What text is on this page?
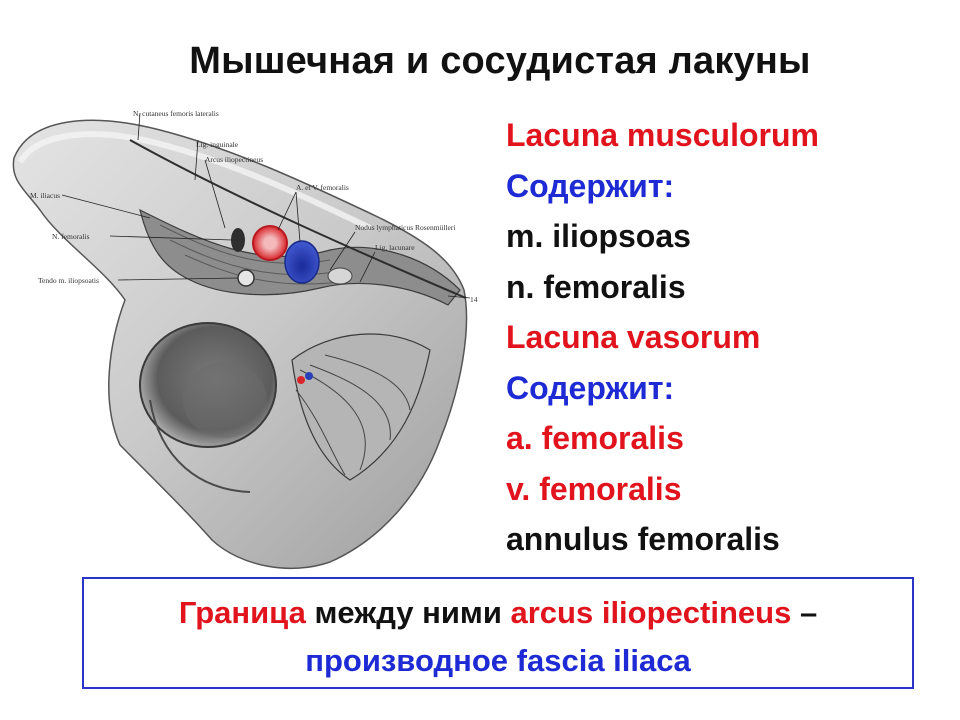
Мышечная и сосудистая лакуны
N. cutaneus femoris lateralis
Lig. inguinale
Arcus iliopectineus
A. et V. femoralis
M. iliacus
Nodus lymphaticus Rosenmülleri
Lig. lacunare
N. femoralis
Tendo m. iliopsoatis
14
Lacuna musculorum
Содержит:
m. iliopsoas
n. femoralis
Lacuna vasorum
Содержит:
a. femoralis
v. femoralis
annulus femoralis
Граница между ними arcus iliopectineus –
производное fascia iliaca
